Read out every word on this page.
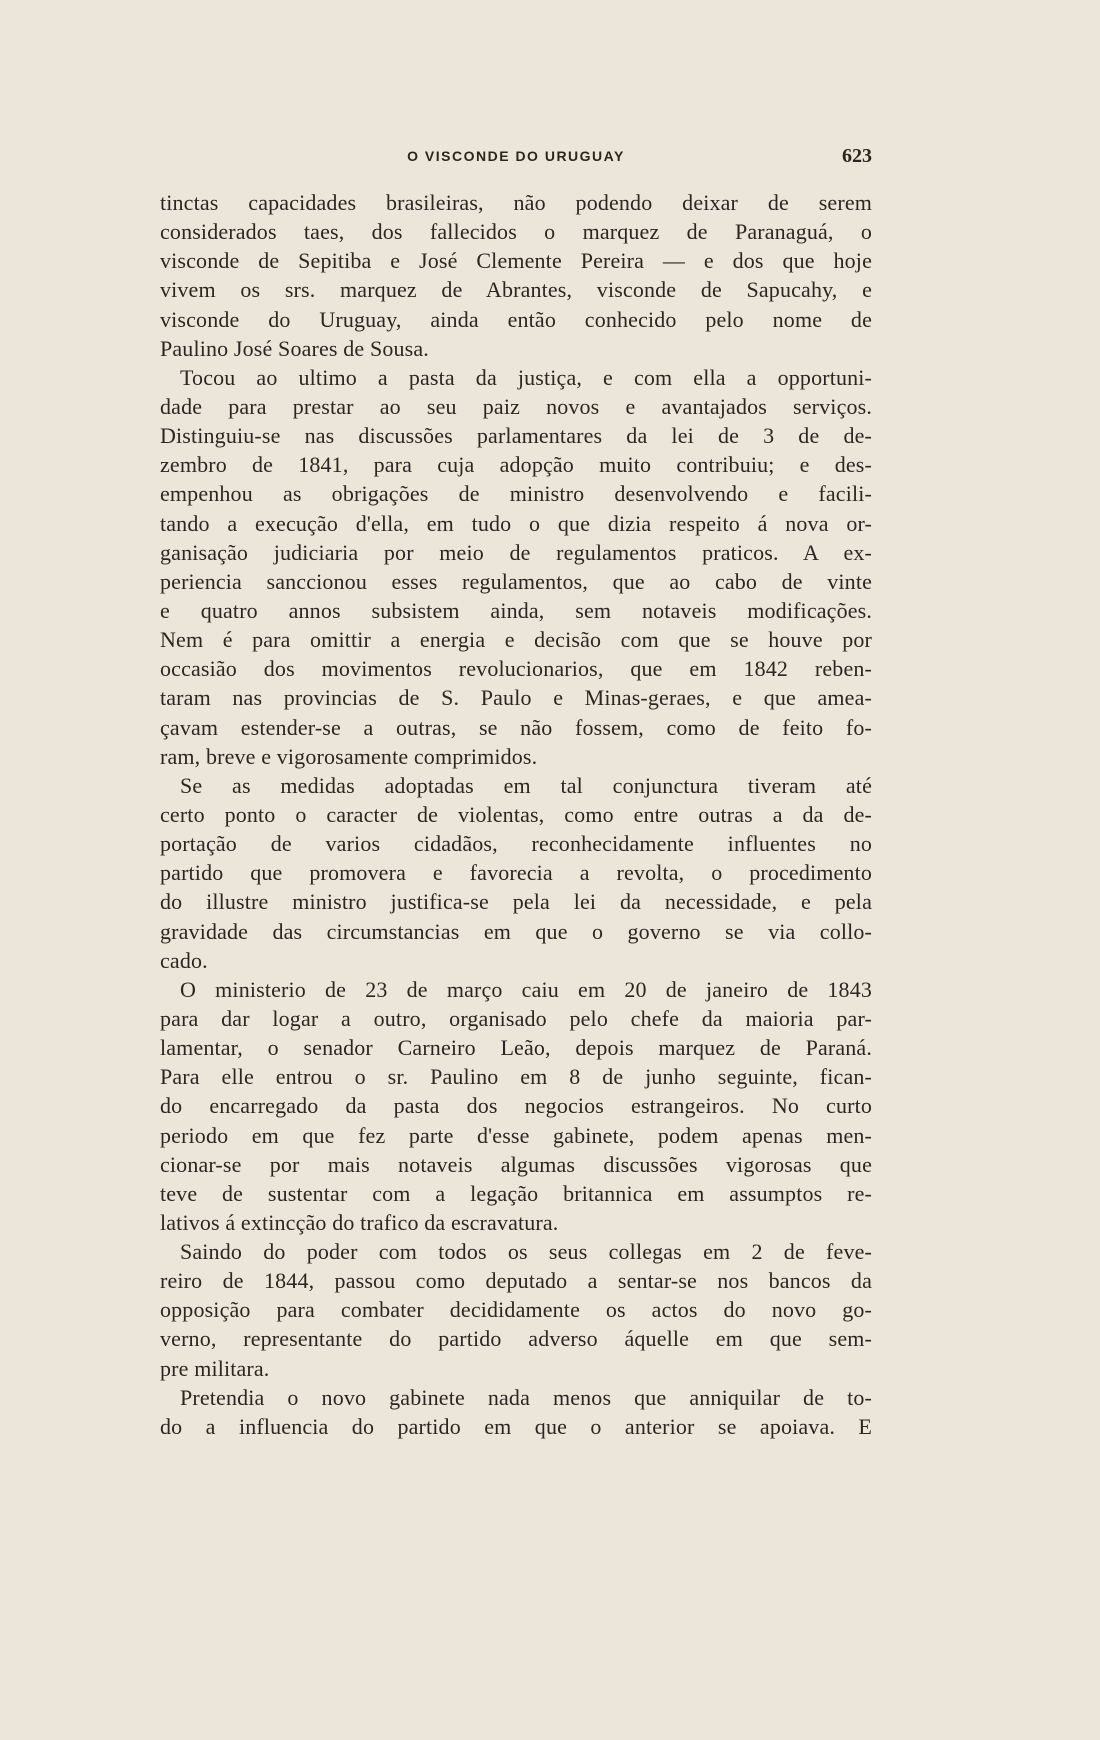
O VISCONDE DO URUGUAY	623
tinctas capacidades brasileiras, não podendo deixar de serem
considerados taes, dos fallecidos o marquez de Paranaguá, o
visconde de Sepitiba e José Clemente Pereira — e dos que hoje
vivem os srs. marquez de Abrantes, visconde de Sapucahy, e
visconde do Uruguay, ainda então conhecido pelo nome de
Paulino José Soares de Sousa.
Tocou ao ultimo a pasta da justiça, e com ella a opportuni-
dade para prestar ao seu paiz novos e avantajados serviços.
Distinguiu-se nas discussões parlamentares da lei de 3 de de-
zembro de 1841, para cuja adopção muito contribuiu; e des-
empenhou as obrigações de ministro desenvolvendo e facili-
tando a execução d'ella, em tudo o que dizia respeito á nova or-
ganisação judiciaria por meio de regulamentos praticos. A ex-
periencia sanccionou esses regulamentos, que ao cabo de vinte
e quatro annos subsistem ainda, sem notaveis modificações.
Nem é para omittir a energia e decisão com que se houve por
occasião dos movimentos revolucionarios, que em 1842 reben-
taram nas provincias de S. Paulo e Minas-geraes, e que amea-
çavam estender-se a outras, se não fossem, como de feito fo-
ram, breve e vigorosamente comprimidos.
Se as medidas adoptadas em tal conjunctura tiveram até
certo ponto o caracter de violentas, como entre outras a da de-
portação de varios cidadãos, reconhecidamente influentes no
partido que promovera e favorecia a revolta, o procedimento
do illustre ministro justifica-se pela lei da necessidade, e pela
gravidade das circumstancias em que o governo se via collo-
cado.
O ministerio de 23 de março caiu em 20 de janeiro de 1843
para dar logar a outro, organisado pelo chefe da maioria par-
lamentar, o senador Carneiro Leão, depois marquez de Paraná.
Para elle entrou o sr. Paulino em 8 de junho seguinte, fican-
do encarregado da pasta dos negocios estrangeiros. No curto
periodo em que fez parte d'esse gabinete, podem apenas men-
cionar-se por mais notaveis algumas discussões vigorosas que
teve de sustentar com a legação britannica em assumptos re-
lativos á extincção do trafico da escravatura.
Saindo do poder com todos os seus collegas em 2 de feve-
reiro de 1844, passou como deputado a sentar-se nos bancos da
opposição para combater decididamente os actos do novo go-
verno, representante do partido adverso áquelle em que sem-
pre militara.
Pretendia o novo gabinete nada menos que anniquilar de to-
do a influencia do partido em que o anterior se apoiava. E
